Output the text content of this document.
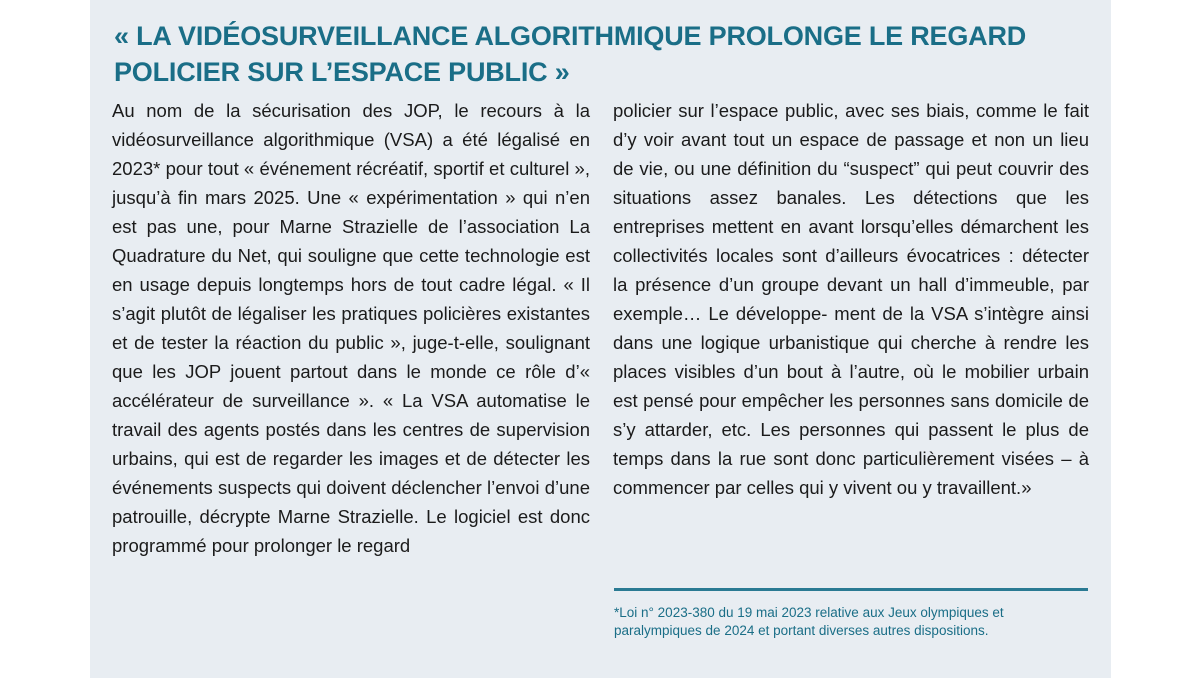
« LA VIDÉOSURVEILLANCE ALGORITHMIQUE PROLONGE LE REGARD POLICIER SUR L’ESPACE PUBLIC »

Au nom de la sécurisation des JOP, le recours à la vidéosurveillance algorithmique (VSA) a été légalisé en 2023* pour tout « événement récréatif, sportif et culturel », jusqu’à fin mars 2025. Une « expérimentation » qui n’en est pas une, pour Marne Strazielle de l’association La Quadrature du Net, qui souligne que cette technologie est en usage depuis longtemps hors de tout cadre légal. « Il s’agit plutôt de légaliser les pratiques policières existantes et de tester la réaction du public », juge-t-elle, soulignant que les JOP jouent partout dans le monde ce rôle d’« accélérateur de surveillance ». « La VSA automatise le travail des agents postés dans les centres de supervision urbains, qui est de regarder les images et de détecter les événements suspects qui doivent déclencher l’envoi d’une patrouille, décrypte Marne Strazielle. Le logiciel est donc programmé pour prolonger le regard

policier sur l’espace public, avec ses biais, comme le fait d’y voir avant tout un espace de passage et non un lieu de vie, ou une définition du “suspect” qui peut couvrir des situations assez banales. Les détections que les entreprises mettent en avant lorsqu’elles démarchent les collectivités locales sont d’ailleurs évocatrices : détecter la présence d’un groupe devant un hall d’immeuble, par exemple… Le développe- ment de la VSA s’intègre ainsi dans une logique urbanistique qui cherche à rendre les places visibles d’un bout à l’autre, où le mobilier urbain est pensé pour empêcher les personnes sans domicile de s’y attarder, etc. Les personnes qui passent le plus de temps dans la rue sont donc particulièrement visées – à commencer par celles qui y vivent ou y travaillent.»

*Loi n° 2023-380 du 19 mai 2023 relative aux Jeux olympiques et paralympiques de 2024 et portant diverses autres dispositions.
